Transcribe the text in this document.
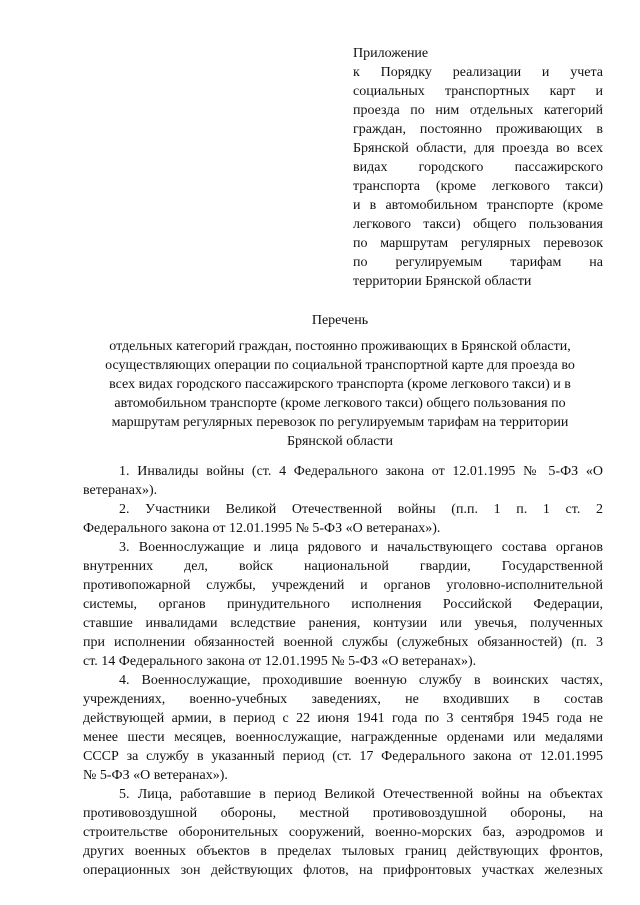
Приложение
к Порядку реализации и учета
социальных транспортных карт и
проезда по ним отдельных категорий
граждан, постоянно проживающих в
Брянской области, для проезда во всех
видах городского пассажирского
транспорта (кроме легкового такси)
и в автомобильном транспорте (кроме
легкового такси) общего пользования
по маршрутам регулярных перевозок
по регулируемым тарифам на
территории Брянской области
Перечень
отдельных категорий граждан, постоянно проживающих в Брянской области,
осуществляющих операции по социальной транспортной карте для проезда во
всех видах городского пассажирского транспорта (кроме легкового такси) и в
автомобильном транспорте (кроме легкового такси) общего пользования по
маршрутам регулярных перевозок по регулируемым тарифам на территории
Брянской области
1. Инвалиды войны (ст. 4 Федерального закона от 12.01.1995 № 5-ФЗ «О
ветеранах»).
2. Участники Великой Отечественной войны (п.п. 1 п. 1 ст. 2
Федерального закона от 12.01.1995 № 5-ФЗ «О ветеранах»).
3. Военнослужащие и лица рядового и начальствующего состава органов
внутренних дел, войск национальной гвардии, Государственной
противопожарной службы, учреждений и органов уголовно-исполнительной
системы, органов принудительного исполнения Российской Федерации,
ставшие инвалидами вследствие ранения, контузии или увечья, полученных
при исполнении обязанностей военной службы (служебных обязанностей) (п. 3
ст. 14 Федерального закона от 12.01.1995 № 5-ФЗ «О ветеранах»).
4. Военнослужащие, проходившие военную службу в воинских частях,
учреждениях, военно-учебных заведениях, не входивших в состав
действующей армии, в период с 22 июня 1941 года по 3 сентября 1945 года не
менее шести месяцев, военнослужащие, награжденные орденами или медалями
СССР за службу в указанный период (ст. 17 Федерального закона от 12.01.1995
№ 5-ФЗ «О ветеранах»).
5. Лица, работавшие в период Великой Отечественной войны на объектах
противовоздушной обороны, местной противовоздушной обороны, на
строительстве оборонительных сооружений, военно-морских баз, аэродромов и
других военных объектов в пределах тыловых границ действующих фронтов,
операционных зон действующих флотов, на прифронтовых участках железных
